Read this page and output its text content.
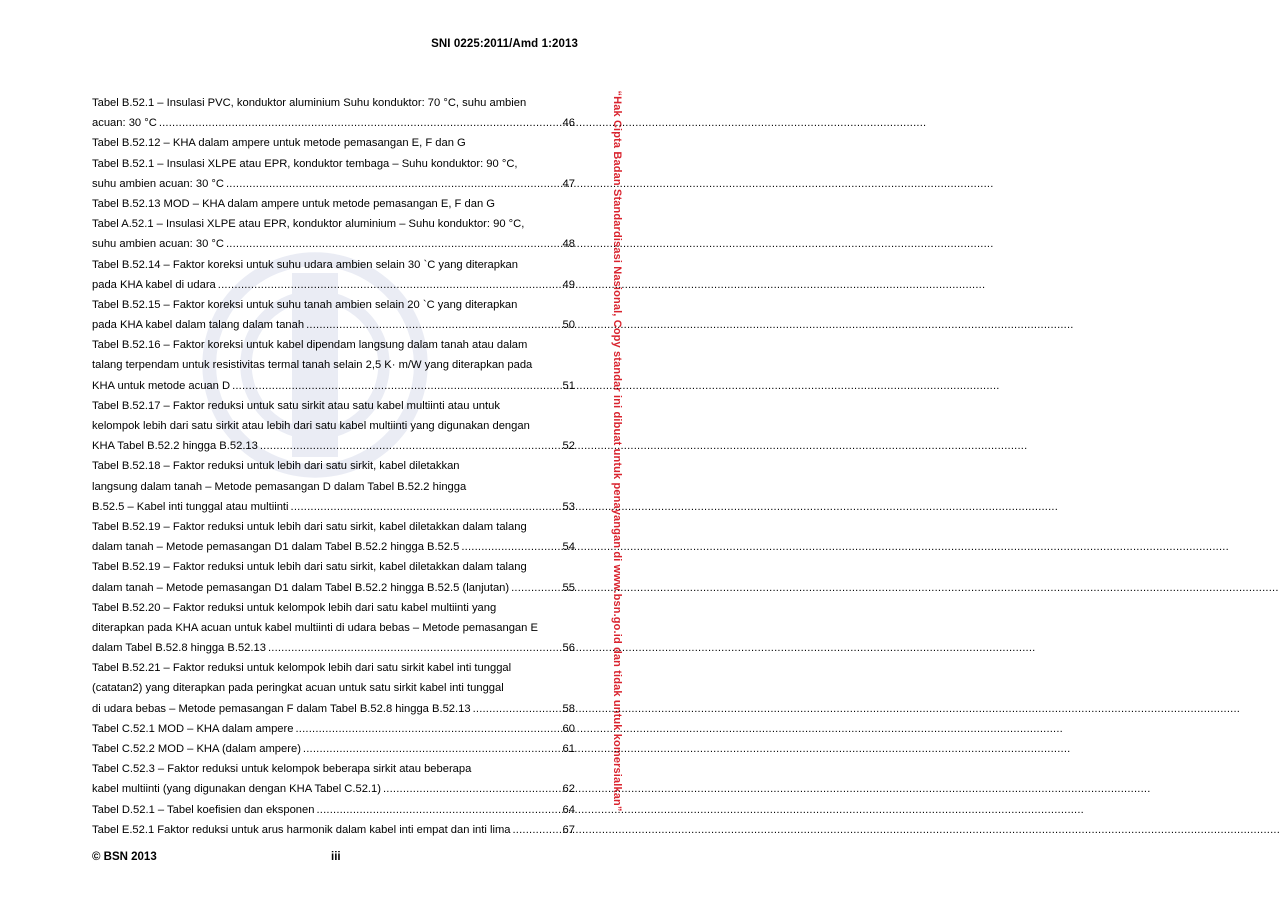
SNI 0225:2011/Amd 1:2013
“Hak Cipta Badan Standardisasi Nasional, Copy standar ini dibuat untuk penayangan di www.bsn.go.id dan tidak untuk komersialkan”
Tabel B.52.1 – Insulasi PVC, konduktor aluminium Suhu konduktor: 70 °C, suhu ambien
acuan: 30 °C .....	46
Tabel B.52.12 – KHA dalam ampere untuk metode pemasangan E, F dan G
Tabel B.52.1 – Insulasi XLPE atau EPR, konduktor tembaga – Suhu konduktor: 90 °C,
suhu ambien acuan: 30 °C .....	47
Tabel B.52.13 MOD – KHA dalam ampere untuk metode pemasangan E, F dan G
Tabel A.52.1 – Insulasi XLPE atau EPR, konduktor aluminium – Suhu konduktor: 90 °C,
suhu ambien acuan: 30 °C .....	48
Tabel B.52.14 – Faktor koreksi untuk suhu udara ambien selain 30 `C yang diterapkan
pada KHA kabel di udara .....	49
Tabel B.52.15 – Faktor koreksi untuk suhu tanah ambien selain 20 `C yang diterapkan
pada KHA kabel dalam talang dalam tanah .....	50
Tabel B.52.16 – Faktor koreksi untuk kabel dipendam langsung dalam tanah atau dalam
talang terpendam untuk resistivitas termal tanah selain 2,5 K· m/W yang diterapkan pada
KHA untuk metode acuan D .....	51
Tabel B.52.17 – Faktor reduksi untuk satu sirkit atau satu kabel multiinti atau untuk
kelompok lebih dari satu sirkit atau lebih dari satu kabel multiinti yang digunakan dengan
KHA Tabel B.52.2 hingga B.52.13 .....	52
Tabel B.52.18 – Faktor reduksi untuk lebih dari satu sirkit, kabel diletakkan
langsung dalam tanah – Metode pemasangan D dalam Tabel B.52.2 hingga
B.52.5 – Kabel inti tunggal atau multiinti .....	53
Tabel B.52.19 – Faktor reduksi untuk lebih dari satu sirkit, kabel diletakkan dalam talang
dalam tanah – Metode pemasangan D1 dalam Tabel B.52.2 hingga B.52.5 .....	54
Tabel B.52.19 – Faktor reduksi untuk lebih dari satu sirkit, kabel diletakkan dalam talang
dalam tanah – Metode pemasangan D1 dalam Tabel B.52.2 hingga B.52.5 (lanjutan) .....	55
Tabel B.52.20 – Faktor reduksi untuk kelompok lebih dari satu kabel multiinti yang
diterapkan pada KHA acuan untuk kabel multiinti di udara bebas – Metode pemasangan E
dalam Tabel B.52.8 hingga B.52.13 .....	56
Tabel B.52.21 – Faktor reduksi untuk kelompok lebih dari satu sirkit kabel inti tunggal
(catatan2) yang diterapkan pada peringkat acuan untuk satu sirkit kabel inti tunggal
di udara bebas – Metode pemasangan F dalam Tabel B.52.8 hingga B.52.13 .....	58
Tabel C.52.1 MOD – KHA dalam ampere .....	60
Tabel C.52.2 MOD – KHA (dalam ampere) .....	61
Tabel C.52.3 – Faktor reduksi untuk kelompok beberapa sirkit atau beberapa
kabel multiinti (yang digunakan dengan KHA Tabel C.52.1) .....	62
Tabel D.52.1 – Tabel koefisien dan eksponen .....	64
Tabel E.52.1 Faktor reduksi untuk arus harmonik dalam kabel inti empat dan inti lima .....	67
© BSN 2013	iii
